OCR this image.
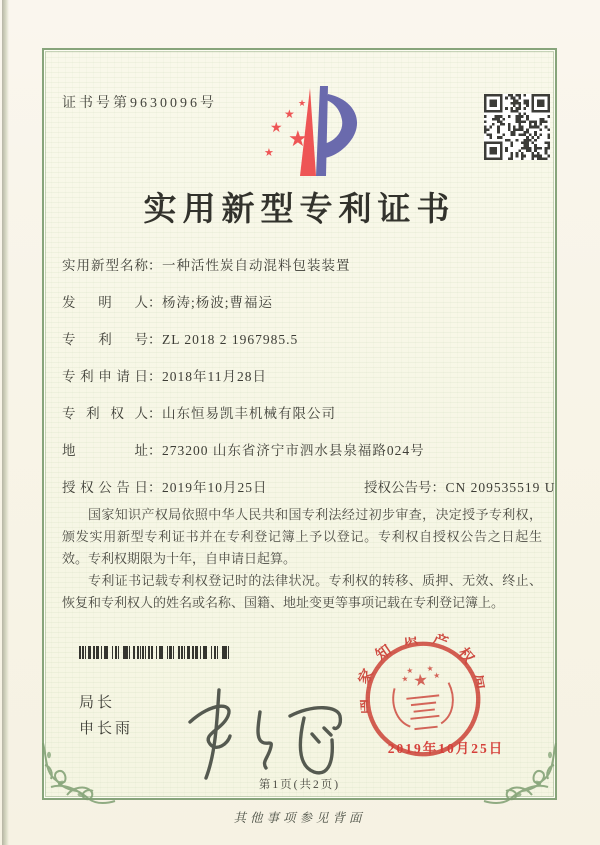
证书号第9630096号
★
★
★
★
★
实用新型专利证书
实用新型名称：一种活性炭自动混料包装装置
发明人：杨涛;杨波;曹福运
专利号：ZL 2018 2 1967985.5
专利申请日：2018年11月28日
专利权人：山东恒易凯丰机械有限公司
地址：273200 山东省济宁市泗水县泉福路024号
授权公告日：2019年10月25日	授权公告号：CN 209535519 U

国家知识产权局依照中华人民共和国专利法经过初步审查，决定授予专利权，颁发实用新型专利证书并在专利登记簿上予以登记。专利权自授权公告之日起生效。专利权期限为十年，自申请日起算。

专利证书记载专利权登记时的法律状况。专利权的转移、质押、无效、终止、恢复和专利权人的姓名或名称、国籍、地址变更等事项记载在专利登记簿上。

局长
申长雨
国家知识产权局
★
★
★ ★
★
2019年10月25日
第1页(共2页)
其他事项参见背面
